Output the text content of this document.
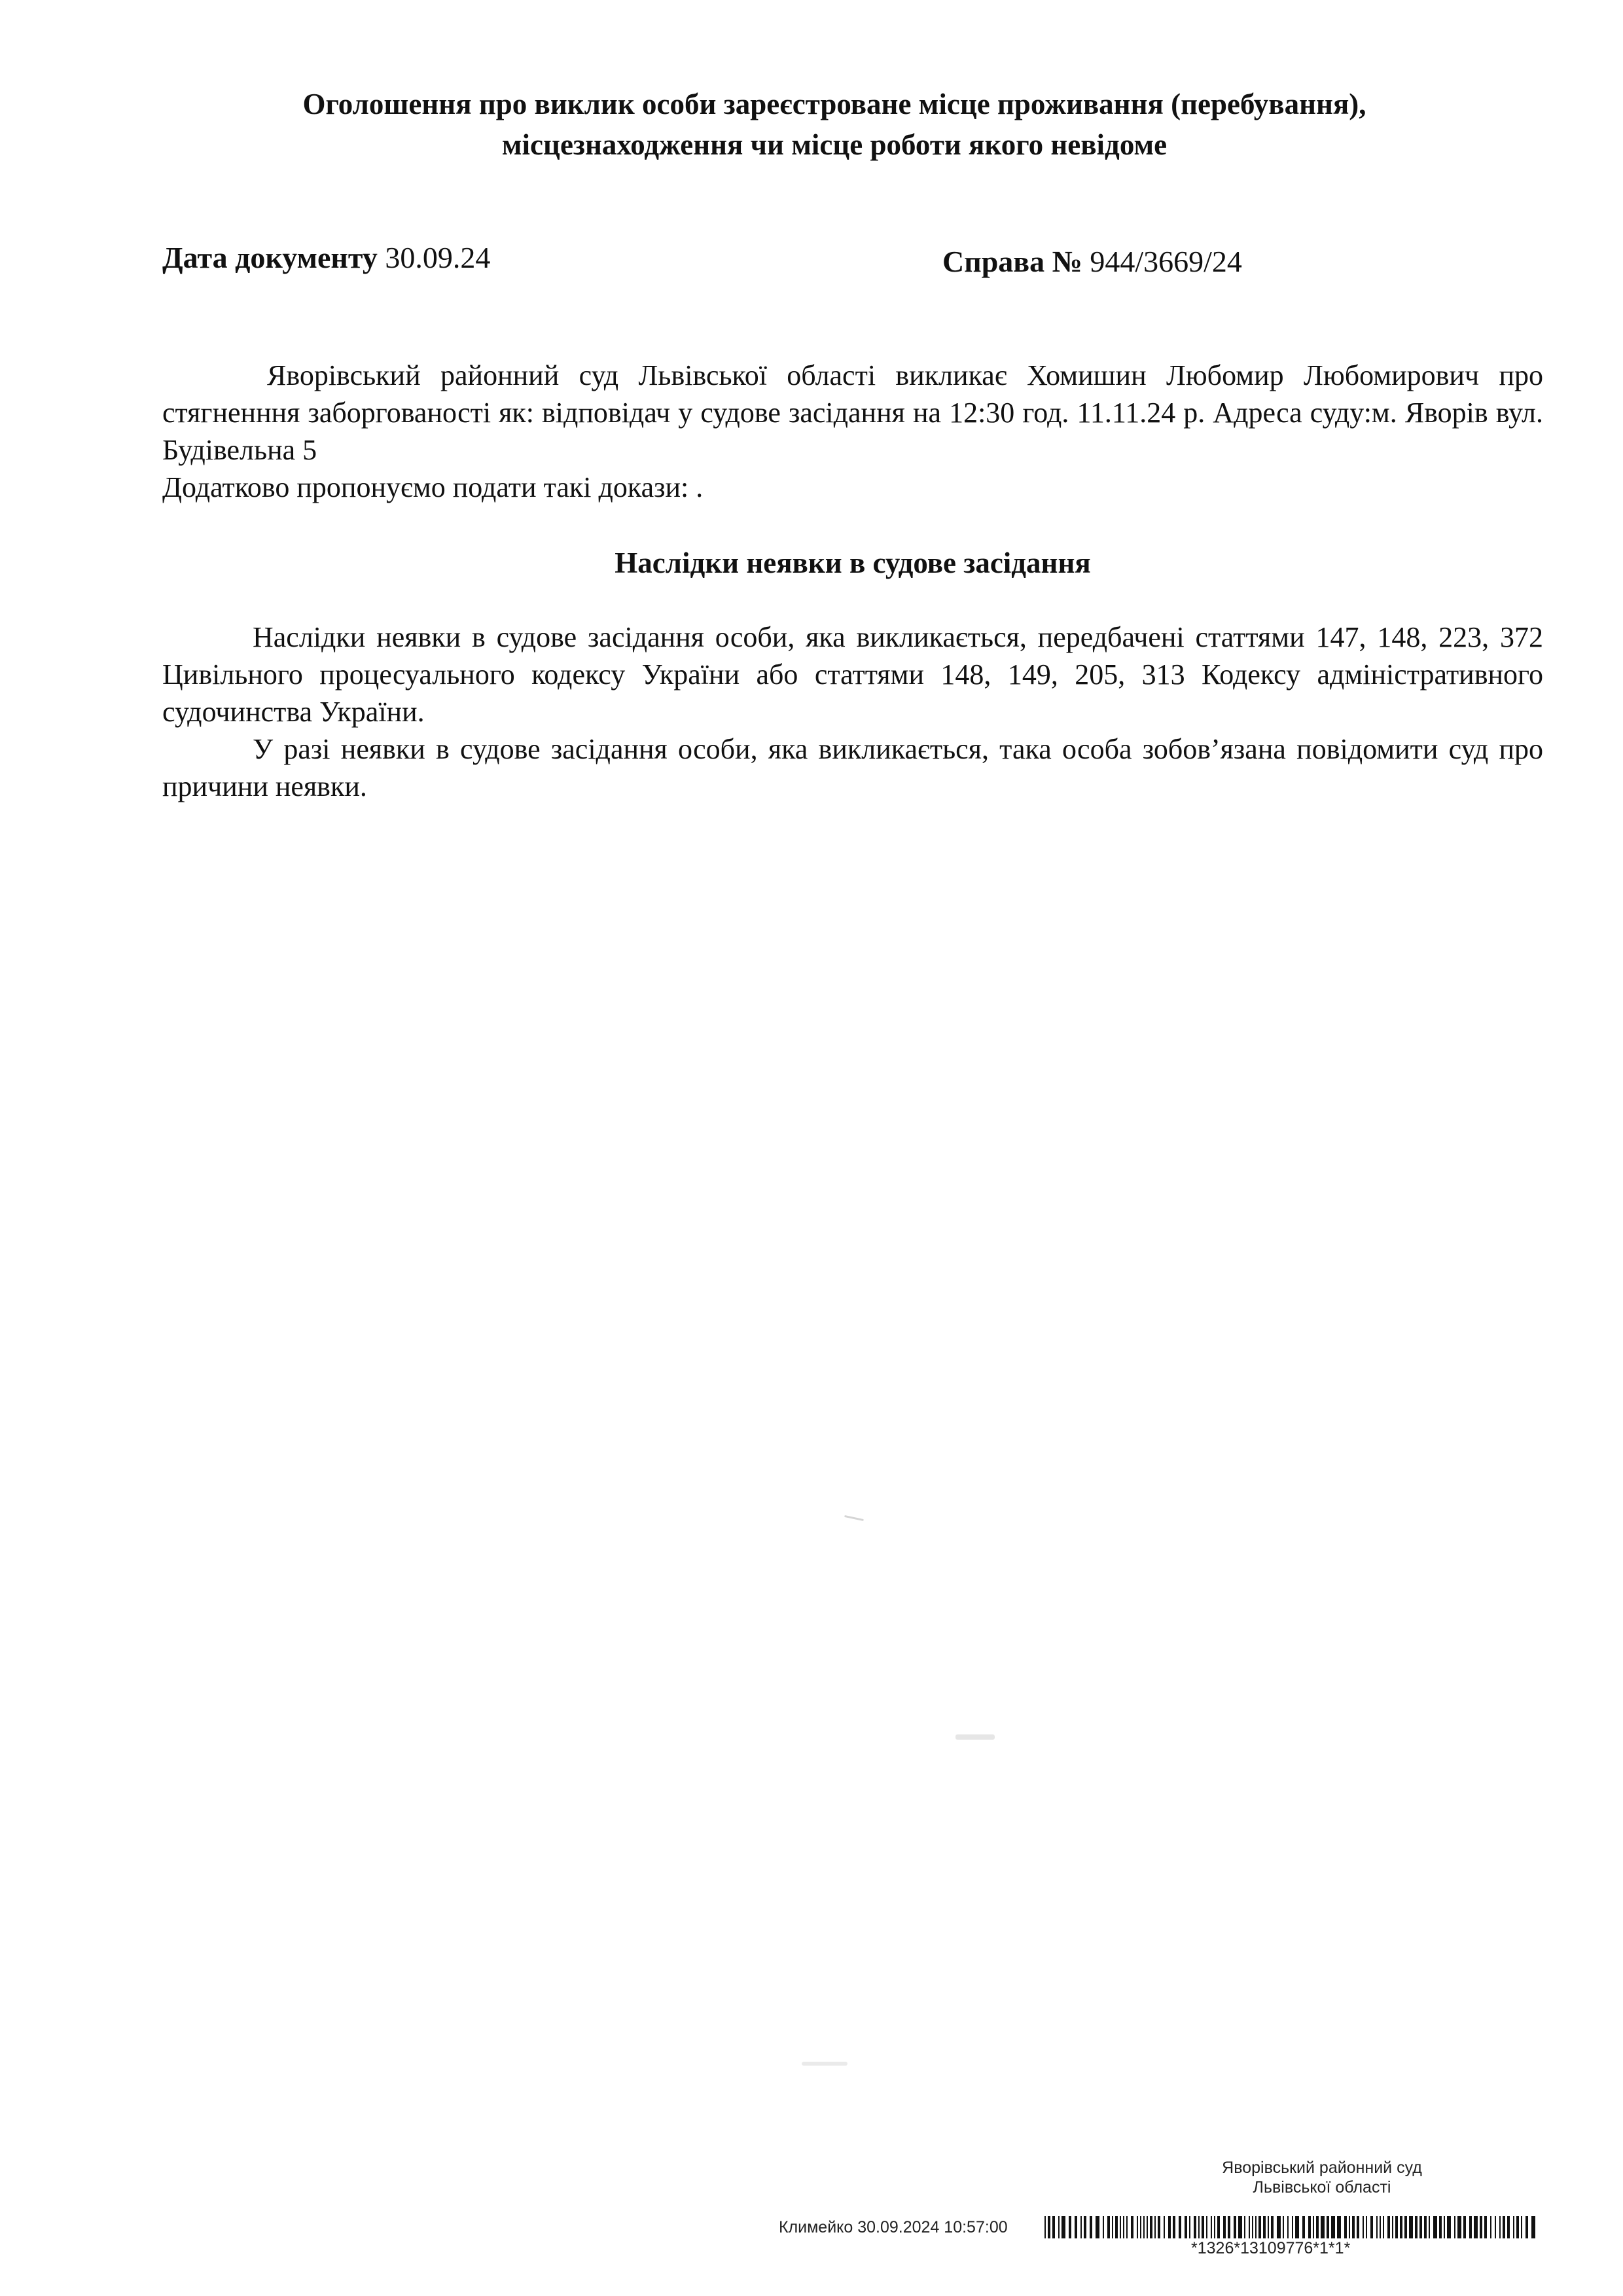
Оголошення про виклик особи зареєстроване місце проживання (перебування),
місцезнаходження чи місце роботи якого невідоме
Дата документу 30.09.24	Справа № 944/3669/24

Яворівський районний суд Львівської області викликає Хомишин Любомир Любомирович про стягненння заборгованості як: відповідач у судове засідання на 12:30 год. 11.11.24 р. Адреса суду:м. Яворів вул. Будівельна 5

Додатково пропонуємо подати такі докази: .

Наслідки неявки в судове засідання

Наслідки неявки в судове засідання особи, яка викликається, передбачені статтями 147, 148, 223, 372 Цивільного процесуального кодексу України або статтями 148, 149, 205, 313 Кодексу адміністративного судочинства України.

У разі неявки в судове засідання особи, яка викликається, така особа зобов’язана повідомити суд про причини неявки.

Яворівський районний суд
Львівської області
Климейко 30.09.2024 10:57:00
*1326*13109776*1*1*
